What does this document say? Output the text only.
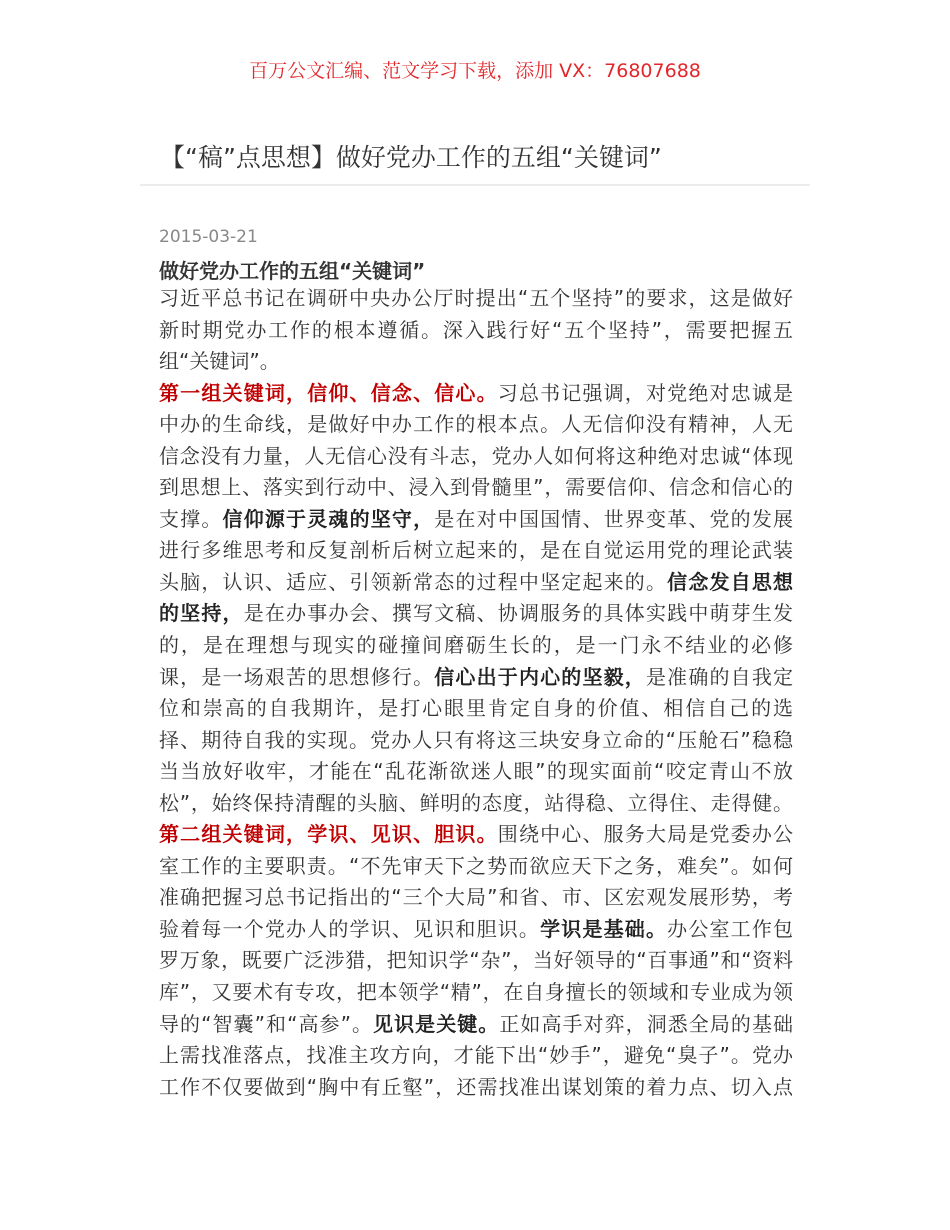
百万公文汇编、范文学习下载，添加 VX：76807688
【“稿”点思想】做好党办工作的五组“关键词”
2015-03-21
做好党办工作的五组“关键词”
习近平总书记在调研中央办公厅时提出“五个坚持”的要求，这是做好
新时期党办工作的根本遵循。深入践行好“五个坚持”，需要把握五
组“关键词”。
第一组关键词，信仰、信念、信心。习总书记强调，对党绝对忠诚是
中办的生命线，是做好中办工作的根本点。人无信仰没有精神，人无
信念没有力量，人无信心没有斗志，党办人如何将这种绝对忠诚“体现
到思想上、落实到行动中、浸入到骨髓里”，需要信仰、信念和信心的
支撑。信仰源于灵魂的坚守，是在对中国国情、世界变革、党的发展
进行多维思考和反复剖析后树立起来的，是在自觉运用党的理论武装
头脑，认识、适应、引领新常态的过程中坚定起来的。信念发自思想
的坚持，是在办事办会、撰写文稿、协调服务的具体实践中萌芽生发
的，是在理想与现实的碰撞间磨砺生长的，是一门永不结业的必修
课，是一场艰苦的思想修行。信心出于内心的坚毅，是准确的自我定
位和崇高的自我期许，是打心眼里肯定自身的价值、相信自己的选
择、期待自我的实现。党办人只有将这三块安身立命的“压舱石”稳稳
当当放好收牢，才能在“乱花渐欲迷人眼”的现实面前“咬定青山不放
松”，始终保持清醒的头脑、鲜明的态度，站得稳、立得住、走得健。
第二组关键词，学识、见识、胆识。围绕中心、服务大局是党委办公
室工作的主要职责。“不先审天下之势而欲应天下之务，难矣”。如何
准确把握习总书记指出的“三个大局”和省、市、区宏观发展形势，考
验着每一个党办人的学识、见识和胆识。学识是基础。办公室工作包
罗万象，既要广泛涉猎，把知识学“杂”，当好领导的“百事通”和“资料
库”，又要术有专攻，把本领学“精”，在自身擅长的领域和专业成为领
导的“智囊”和“高参”。见识是关键。正如高手对弈，洞悉全局的基础
上需找准落点，找准主攻方向，才能下出“妙手”，避免“臭子”。党办
工作不仅要做到“胸中有丘壑”，还需找准出谋划策的着力点、切入点
